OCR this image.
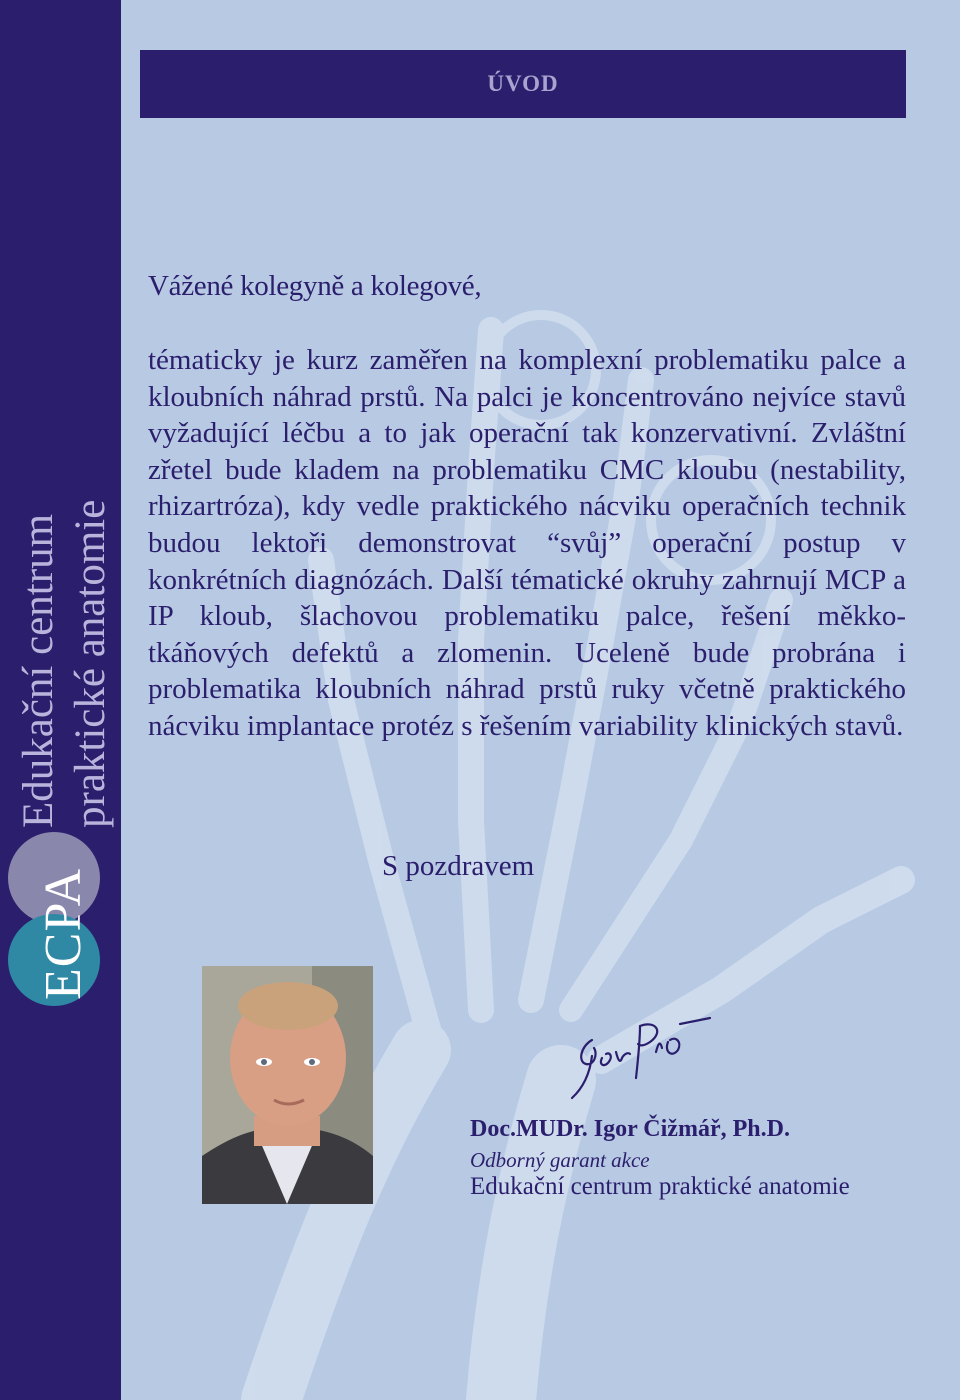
Edukační centrum praktické anatomie
ECPA
ÚVOD
Vážené kolegyně a kolegové,
tématicky je kurz zaměřen na komplexní problematiku palce a kloubních náhrad prstů. Na palci je koncentrováno nejvíce stavů vyžadující léčbu a to jak operační tak konzervativní. Zvláštní zřetel bude kladem na problematiku CMC kloubu (nestability, rhizartróza), kdy vedle praktického nácviku operačních technik budou lektoři demonstrovat “svůj” operační postup v konkrétních diagnózách. Další tématické okruhy zahrnují MCP a IP kloub, šlachovou problematiku palce, řešení měkko-tkáňových defektů a zlomenin. Uceleně bude probrána i problematika kloubních náhrad prstů ruky včetně praktického nácviku implantace protéz s řešením variability klinických stavů.
S pozdravem
Doc.MUDr. Igor Čižmář, Ph.D.
Odborný garant akce
Edukační centrum praktické anatomie
